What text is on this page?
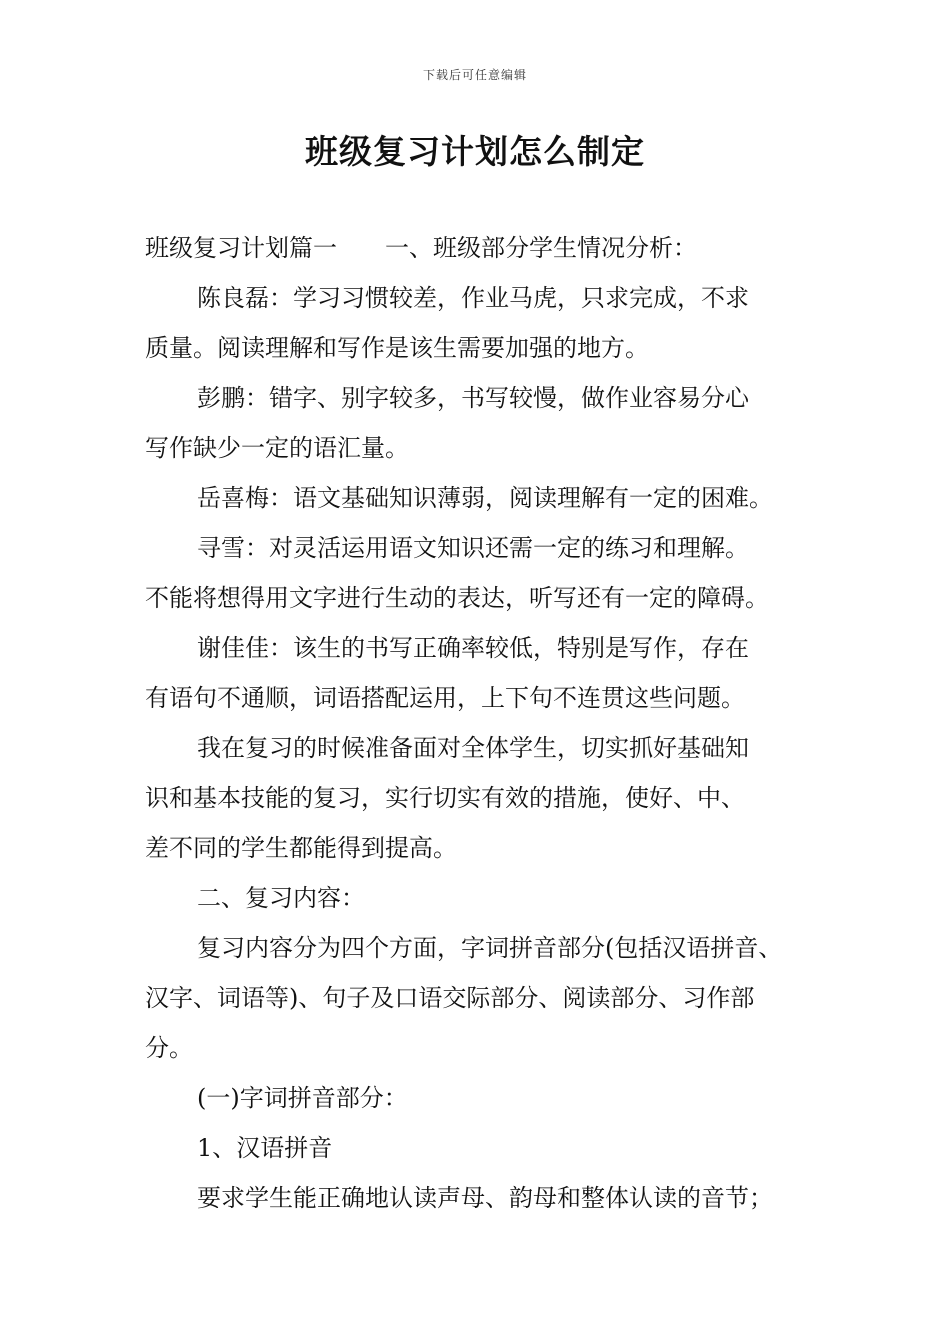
下载后可任意编辑
班级复习计划怎么制定
班级复习计划篇一　　一、班级部分学生情况分析：
陈良磊：学习习惯较差，作业马虎，只求完成，不求
质量。阅读理解和写作是该生需要加强的地方。
彭鹏：错字、别字较多，书写较慢，做作业容易分心
写作缺少一定的语汇量。
岳喜梅：语文基础知识薄弱，阅读理解有一定的困难。
寻雪：对灵活运用语文知识还需一定的练习和理解。
不能将想得用文字进行生动的表达，听写还有一定的障碍。
谢佳佳：该生的书写正确率较低，特别是写作，存在
有语句不通顺，词语搭配运用，上下句不连贯这些问题。
我在复习的时候准备面对全体学生，切实抓好基础知
识和基本技能的复习，实行切实有效的措施，使好、中、
差不同的学生都能得到提高。
二、复习内容：
复习内容分为四个方面，字词拼音部分(包括汉语拼音、
汉字、词语等)、句子及口语交际部分、阅读部分、习作部
分。
(一)字词拼音部分：
1、汉语拼音
要求学生能正确地认读声母、韵母和整体认读的音节；
